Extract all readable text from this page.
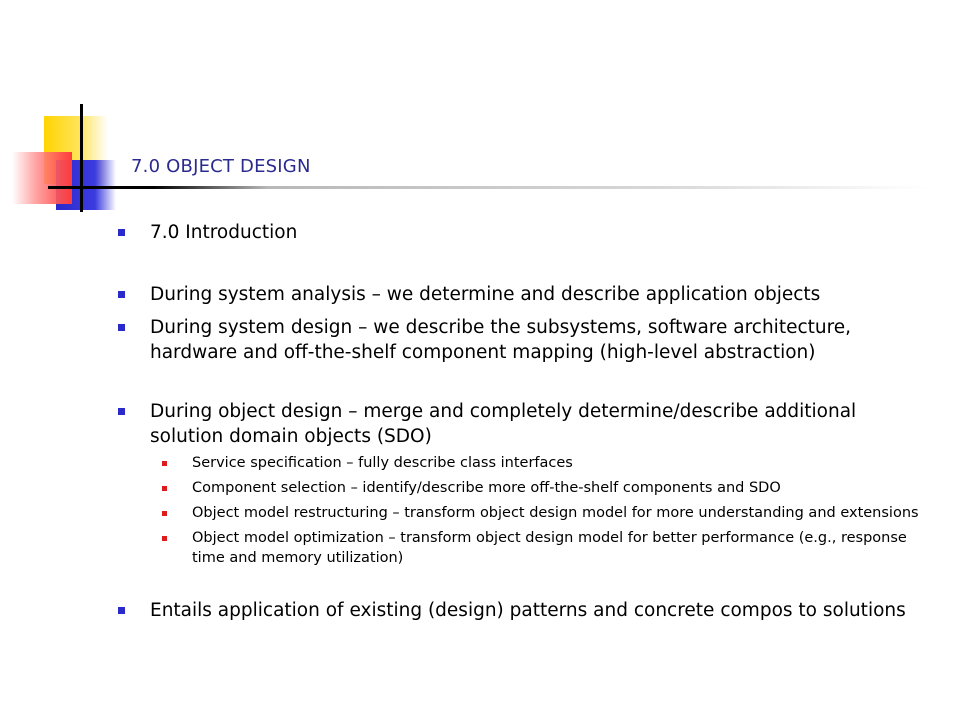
7.0 OBJECT DESIGN
7.0 Introduction
During system analysis – we determine and describe application objects
During system design – we describe the subsystems, software architecture, hardware and off-the-shelf component mapping (high-level abstraction)
During object design – merge and completely determine/describe additional solution domain objects (SDO)
Service specification – fully describe class interfaces
Component selection – identify/describe more off-the-shelf components and SDO
Object model restructuring – transform object design model for more understanding and extensions
Object model optimization – transform object design model for better performance (e.g., response time and memory utilization)
Entails application of existing (design) patterns and concrete compos to solutions
